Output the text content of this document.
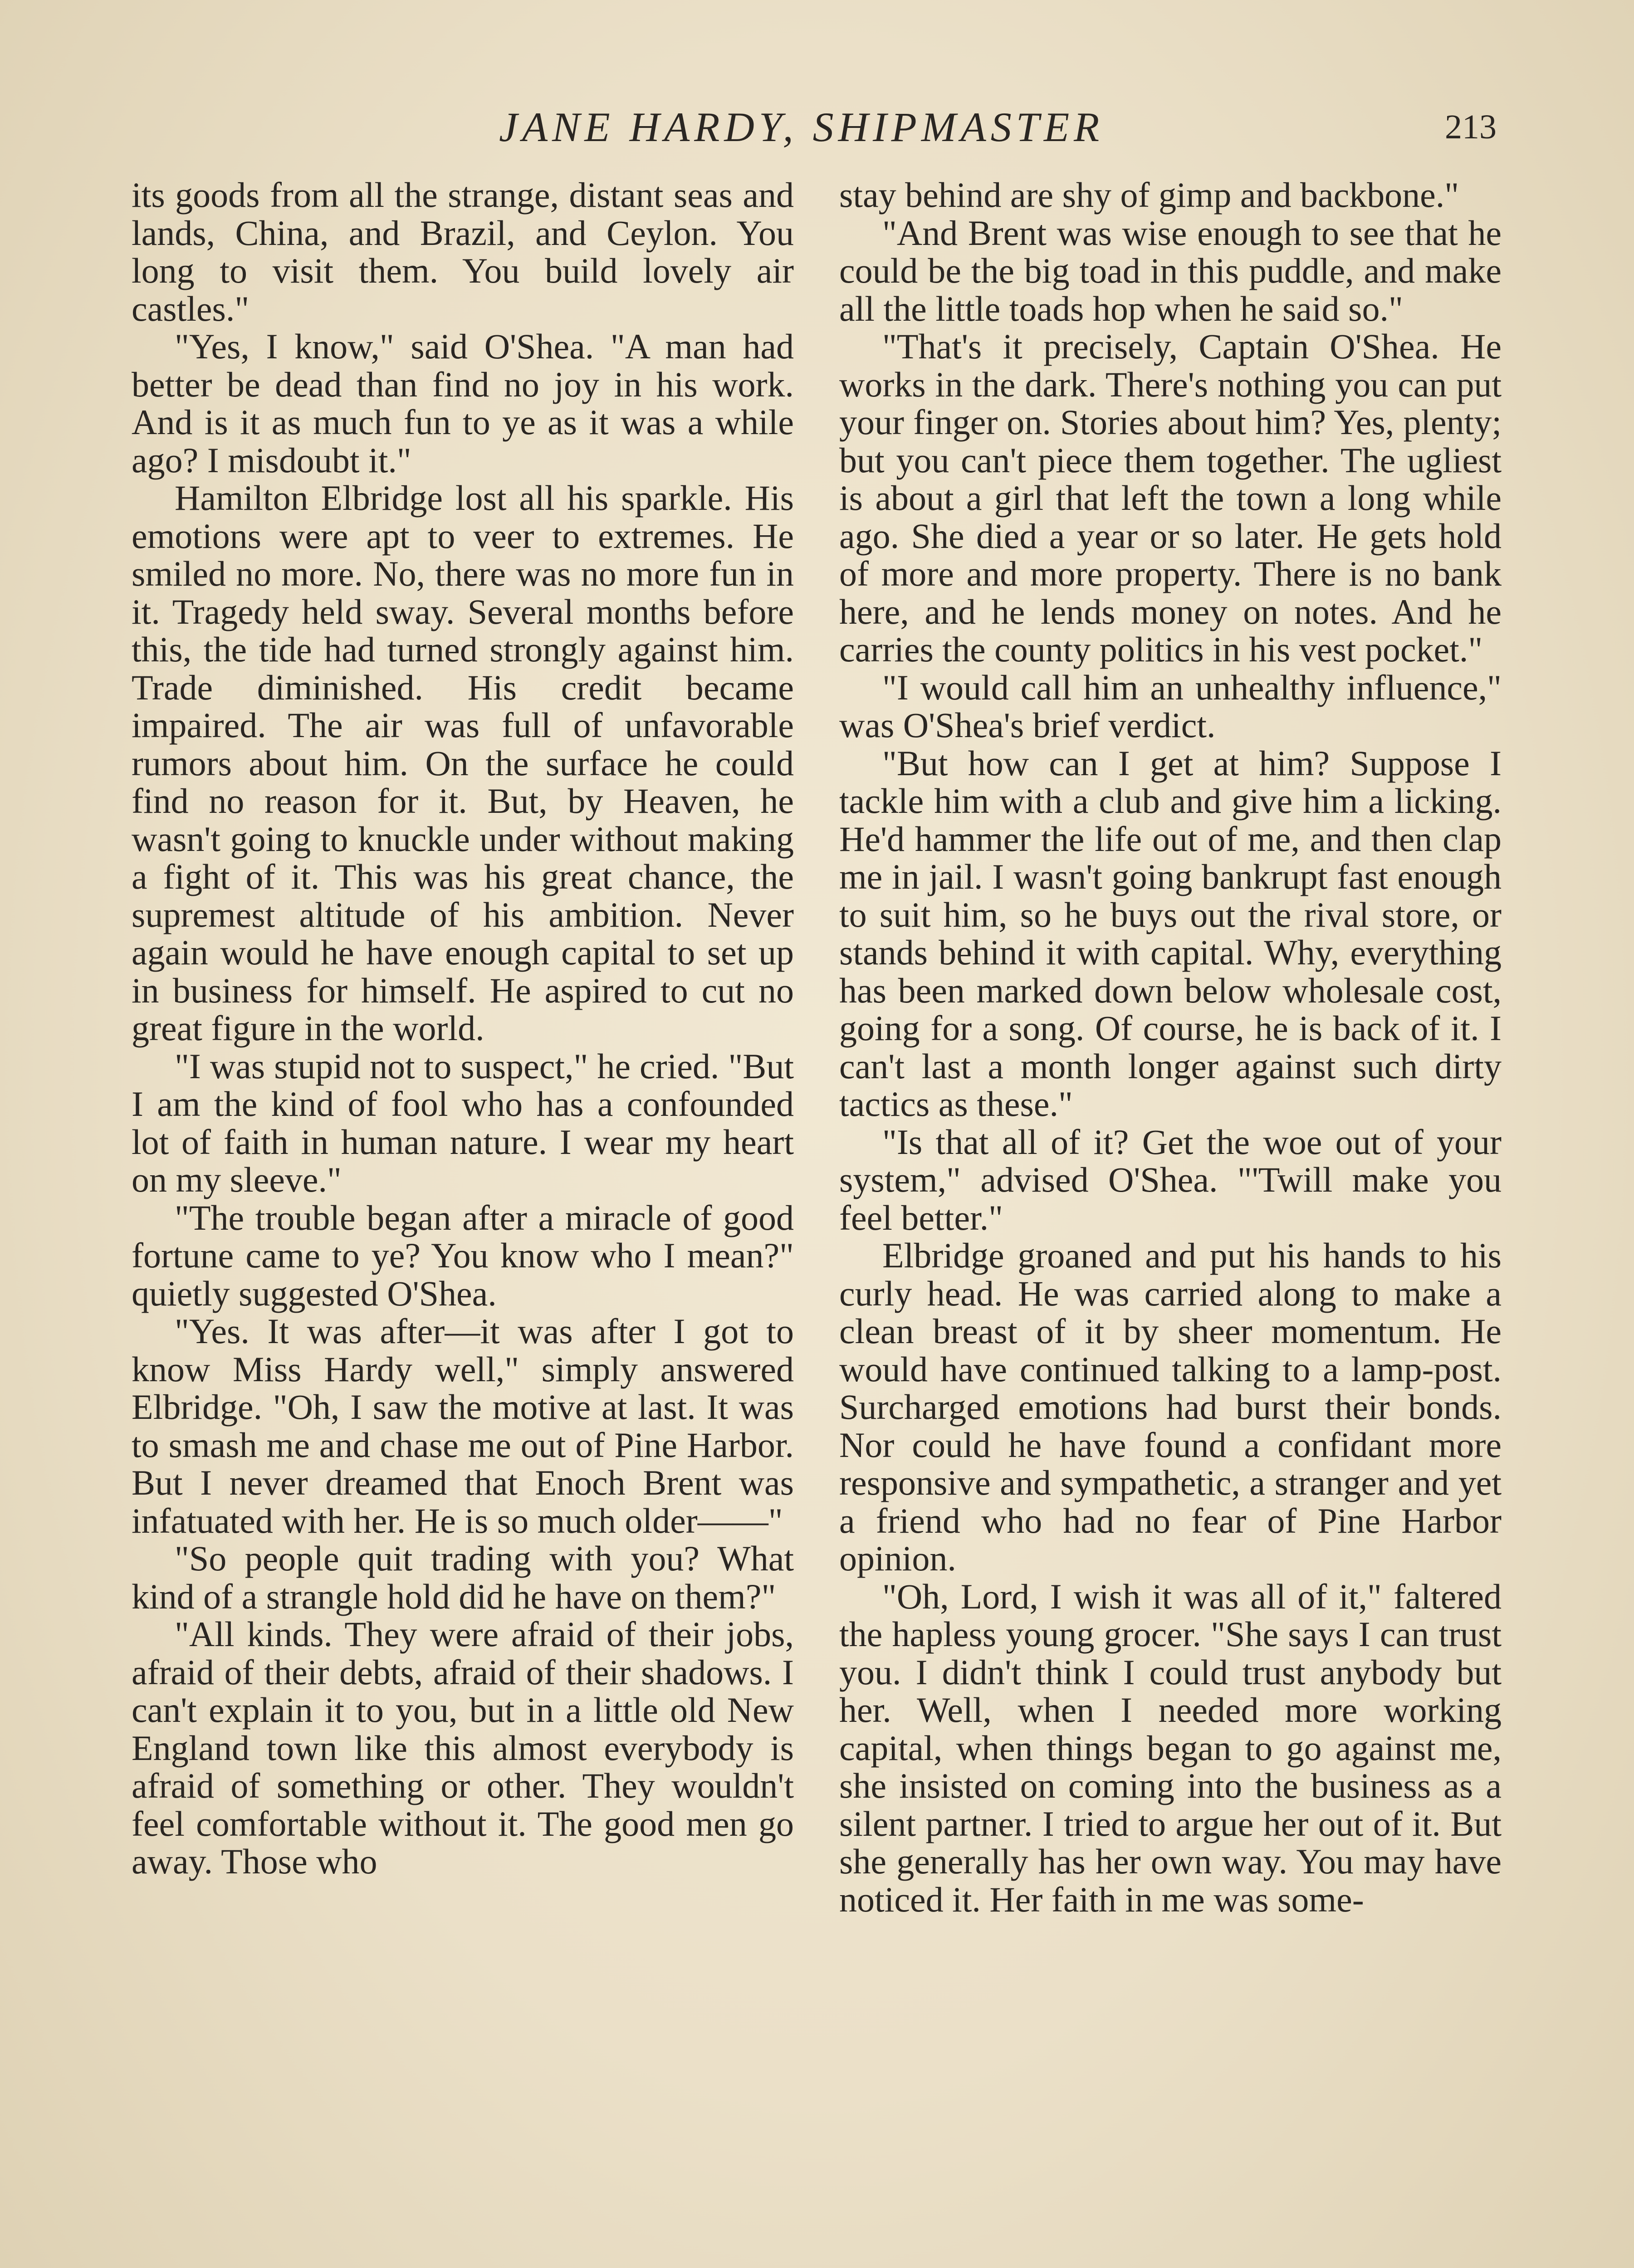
JANE HARDY, SHIPMASTER	213

its goods from all the strange, distant seas and lands, China, and Brazil, and Ceylon. You long to visit them. You build lovely air castles."

"Yes, I know," said O'Shea. "A man had better be dead than find no joy in his work. And is it as much fun to ye as it was a while ago? I misdoubt it."

Hamilton Elbridge lost all his sparkle. His emotions were apt to veer to extremes. He smiled no more. No, there was no more fun in it. Tragedy held sway. Several months before this, the tide had turned strongly against him. Trade diminished. His credit became impaired. The air was full of unfavorable rumors about him. On the surface he could find no reason for it. But, by Heaven, he wasn't going to knuckle under without making a fight of it. This was his great chance, the supremest altitude of his ambition. Never again would he have enough capital to set up in business for himself. He aspired to cut no great figure in the world.

"I was stupid not to suspect," he cried. "But I am the kind of fool who has a confounded lot of faith in human nature. I wear my heart on my sleeve."

"The trouble began after a miracle of good fortune came to ye? You know who I mean?" quietly suggested O'Shea.

"Yes. It was after—it was after I got to know Miss Hardy well," simply answered Elbridge. "Oh, I saw the motive at last. It was to smash me and chase me out of Pine Harbor. But I never dreamed that Enoch Brent was infatuated with her. He is so much older——"

"So people quit trading with you? What kind of a strangle hold did he have on them?"

"All kinds. They were afraid of their jobs, afraid of their debts, afraid of their shadows. I can't explain it to you, but in a little old New England town like this almost everybody is afraid of something or other. They wouldn't feel comfortable without it. The good men go away. Those who

stay behind are shy of gimp and backbone."

"And Brent was wise enough to see that he could be the big toad in this puddle, and make all the little toads hop when he said so."

"That's it precisely, Captain O'Shea. He works in the dark. There's nothing you can put your finger on. Stories about him? Yes, plenty; but you can't piece them together. The ugliest is about a girl that left the town a long while ago. She died a year or so later. He gets hold of more and more property. There is no bank here, and he lends money on notes. And he carries the county politics in his vest pocket."

"I would call him an unhealthy influence," was O'Shea's brief verdict.

"But how can I get at him? Suppose I tackle him with a club and give him a licking. He'd hammer the life out of me, and then clap me in jail. I wasn't going bankrupt fast enough to suit him, so he buys out the rival store, or stands behind it with capital. Why, everything has been marked down below wholesale cost, going for a song. Of course, he is back of it. I can't last a month longer against such dirty tactics as these."

"Is that all of it? Get the woe out of your system," advised O'Shea. "'Twill make you feel better."

Elbridge groaned and put his hands to his curly head. He was carried along to make a clean breast of it by sheer momentum. He would have continued talking to a lamp-post. Surcharged emotions had burst their bonds. Nor could he have found a confidant more responsive and sympathetic, a stranger and yet a friend who had no fear of Pine Harbor opinion.

"Oh, Lord, I wish it was all of it," faltered the hapless young grocer. "She says I can trust you. I didn't think I could trust anybody but her. Well, when I needed more working capital, when things began to go against me, she insisted on coming into the business as a silent partner. I tried to argue her out of it. But she generally has her own way. You may have noticed it. Her faith in me was some-
